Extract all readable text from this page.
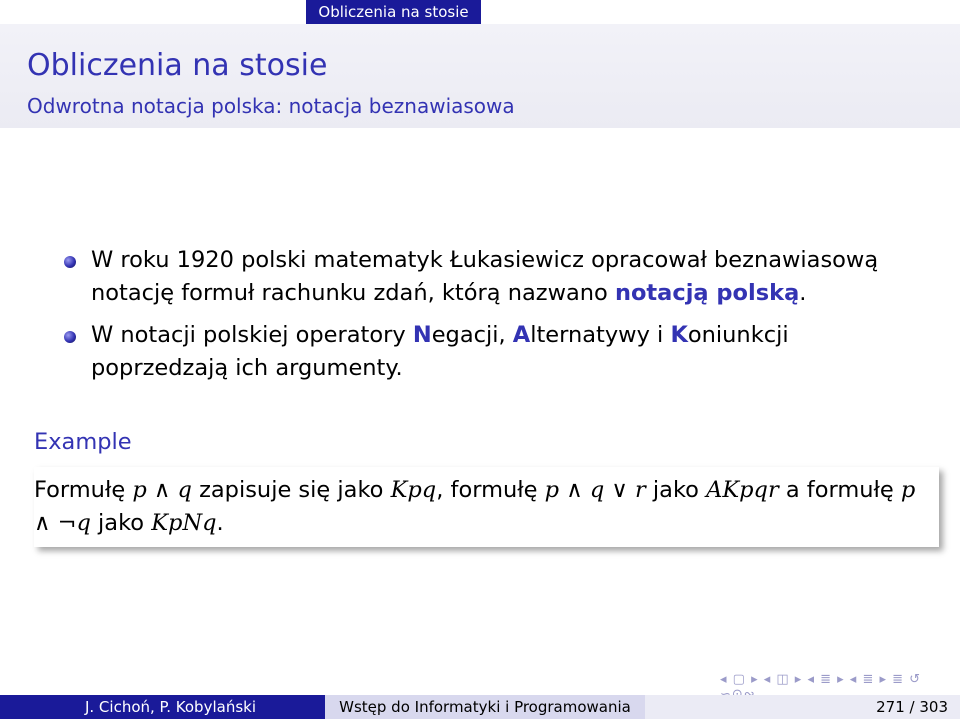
Obliczenia na stosie
Obliczenia na stosie
Odwrotna notacja polska: notacja beznawiasowa
W roku 1920 polski matematyk Łukasiewicz opracował beznawiasową notację formuł rachunku zdań, którą nazwano notacją polską.
W notacji polskiej operatory Negacji, Alternatywy i Koniunkcji poprzedzają ich argumenty.
Example
Formułę p ∧ q zapisuje się jako Kpq, formułę p ∧ q ∨ r jako AKpqr a formułę p ∧ ¬q jako KpNq.
◂ ▢ ▸ ◂ ◫ ▸ ◂ ≣ ▸ ◂ ≣ ▸ ≣ ↺
J. Cichoń, P. Kobylański	Wstęp do Informatyki i Programowania	271 / 303
